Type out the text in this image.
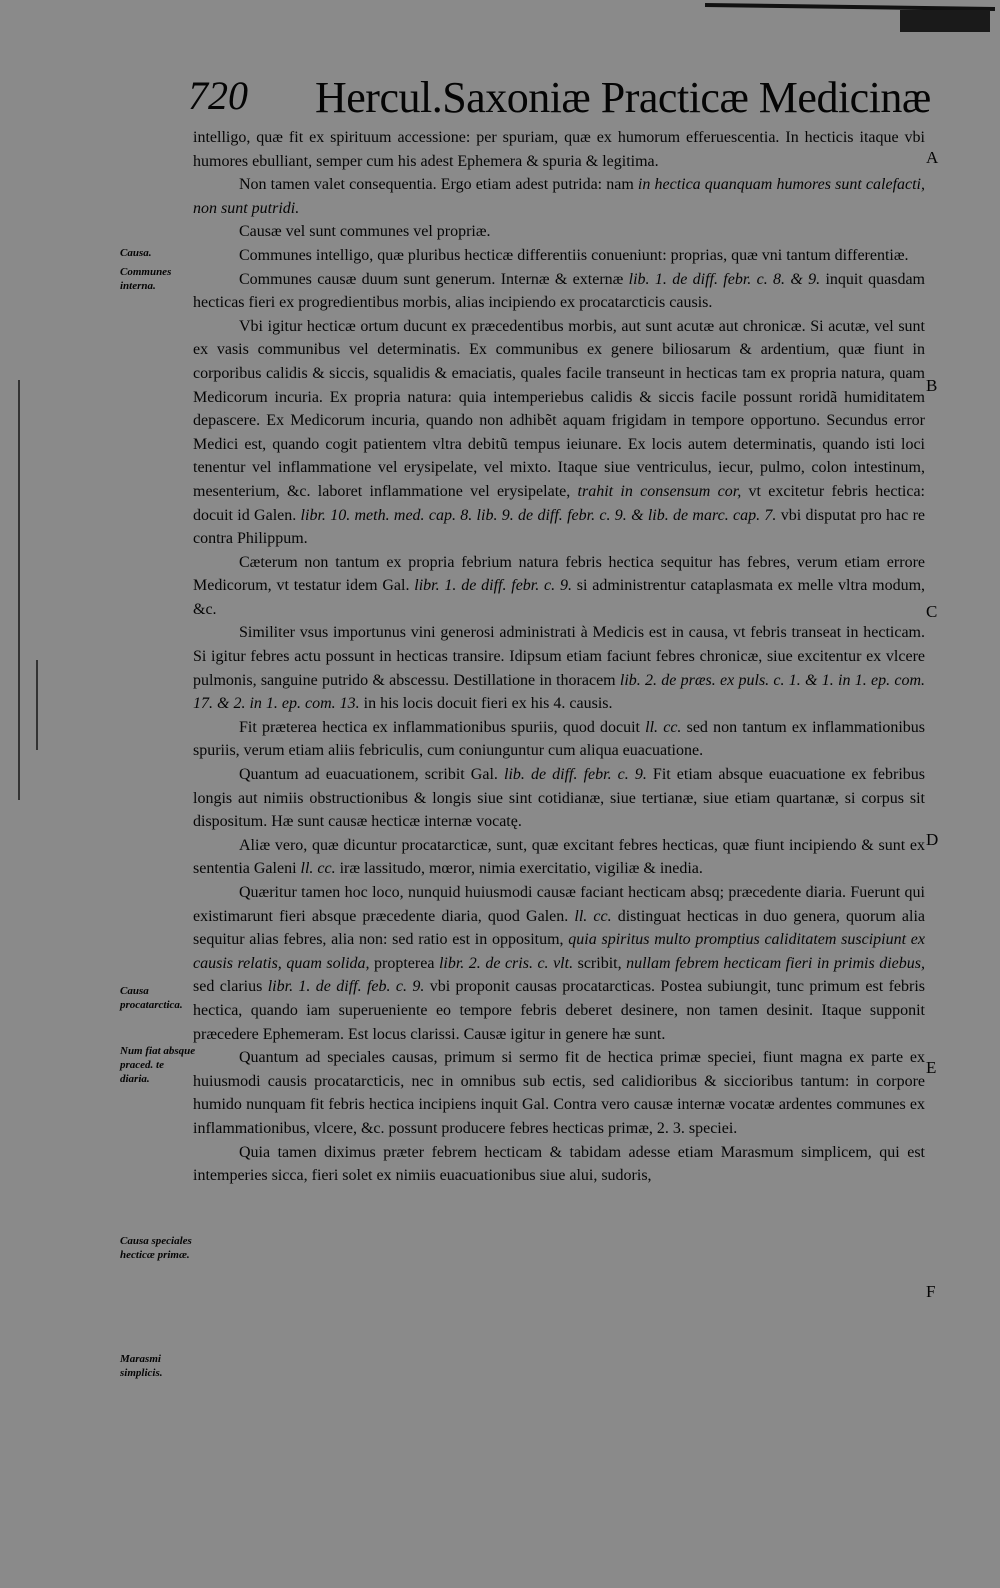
720 Hercul.Saxoniæ Practicæ Medicinæ

intelligo, quæ fit ex spirituum accessione: per spuriam, quæ ex humorum efferuescentia. In hecticis itaque vbi humores ebulliant, semper cum his adest Ephemera & spuria & legitima.

Non tamen valet consequentia. Ergo etiam adest putrida: nam in hectica quanquam humores sunt calefacti, non sunt putridi.

Causæ vel sunt communes vel propriæ.

Communes intelligo, quæ pluribus hecticæ differentiis conueniunt: proprias, quæ vni tantum differentiæ.

Communes causæ duum sunt generum. Internæ & externæ lib. 1. de diff. febr. c. 8. & 9. inquit quasdam hecticas fieri ex progredientibus morbis, alias incipiendo ex procatarcticis causis.

Vbi igitur hecticæ ortum ducunt ex præcedentibus morbis, aut sunt acutæ aut chronicæ. Si acutæ, vel sunt ex vasis communibus vel determinatis. Ex communibus ex genere biliosarum & ardentium, quæ fiunt in corporibus calidis & siccis, squalidis & emaciatis, quales facile transeunt in hecticas tam ex propria natura, quam Medicorum incuria. Ex propria natura: quia intemperiebus calidis & siccis facile possunt roridã humiditatem depascere. Ex Medicorum incuria, quando non adhibẽt aquam frigidam in tempore opportuno. Secundus error Medici est, quando cogit patientem vltra debitũ tempus ieiunare. Ex locis autem determinatis, quando isti loci tenentur vel inflammatione vel erysipelate, vel mixto. Itaque siue ventriculus, iecur, pulmo, colon intestinum, mesenterium, &c. laboret inflammatione vel erysipelate, trahit in consensum cor, vt excitetur febris hectica: docuit id Galen. libr. 10. meth. med. cap. 8. lib. 9. de diff. febr. c. 9. & lib. de marc. cap. 7. vbi disputat pro hac re contra Philippum.

Cæterum non tantum ex propria febrium natura febris hectica sequitur has febres, verum etiam errore Medicorum, vt testatur idem Gal. libr. 1. de diff. febr. c. 9. si administrentur cataplasmata ex melle vltra modum, &c.

Similiter vsus importunus vini generosi administrati à Medicis est in causa, vt febris transeat in hecticam. Si igitur febres actu possunt in hecticas transire. Idipsum etiam faciunt febres chronicæ, siue excitentur ex vlcere pulmonis, sanguine putrido & abscessu. Destillatione in thoracem lib. 2. de præs. ex puls. c. 1. & 1. in 1. ep. com. 17. & 2. in 1. ep. com. 13. in his locis docuit fieri ex his 4. causis.

Fit præterea hectica ex inflammationibus spuriis, quod docuit ll. cc. sed non tantum ex inflammationibus spuriis, verum etiam aliis febriculis, cum coniunguntur cum aliqua euacuatione.

Quantum ad euacuationem, scribit Gal. lib. de diff. febr. c. 9. Fit etiam absque euacuatione ex febribus longis aut nimiis obstructionibus & longis siue sint cotidianæ, siue tertianæ, siue etiam quartanæ, si corpus sit dispositum. Hæ sunt causæ hecticæ internæ vocatę.

Aliæ vero, quæ dicuntur procatarcticæ, sunt, quæ excitant febres hecticas, quæ fiunt incipiendo & sunt ex sententia Galeni ll. cc. iræ lassitudo, mœror, nimia exercitatio, vigiliæ & inedia.

Quæritur tamen hoc loco, nunquid huiusmodi causæ faciant hecticam absq; præcedente diaria. Fuerunt qui existimarunt fieri absque præcedente diaria, quod Galen. ll. cc. distinguat hecticas in duo genera, quorum alia sequitur alias febres, alia non: sed ratio est in oppositum, quia spiritus multo promptius caliditatem suscipiunt ex causis relatis, quam solida, propterea libr. 2. de cris. c. vlt. scribit, nullam febrem hecticam fieri in primis diebus, sed clarius libr. 1. de diff. feb. c. 9. vbi proponit causas procatarcticas. Postea subiungit, tunc primum est febris hectica, quando iam superueniente eo tempore febris deberet desinere, non tamen desinit. Itaque supponit præcedere Ephemeram. Est locus clarissi. Causæ igitur in genere hæ sunt.

Quantum ad speciales causas, primum si sermo fit de hectica primæ speciei, fiunt magna ex parte ex huiusmodi causis procatarcticis, nec in omnibus sub ectis, sed calidioribus & siccioribus tantum: in corpore humido nunquam fit febris hectica incipiens inquit Gal. Contra vero causæ internæ vocatæ ardentes communes ex inflammationibus, vlcere, &c. possunt producere febres hecticas primæ, 2. 3. speciei.

Quia tamen diximus præter febrem hecticam & tabidam adesse etiam Marasmum simplicem, qui est intemperies sicca, fieri solet ex nimiis euacuationibus siue alui, sudoris,

Causa.
Communes interna.
Causa procatarctica.
Num fiat absque praced. te diaria.
Causa speciales hecticæ primæ.
Marasmi simplicis.
A
B
C
D
E
F
